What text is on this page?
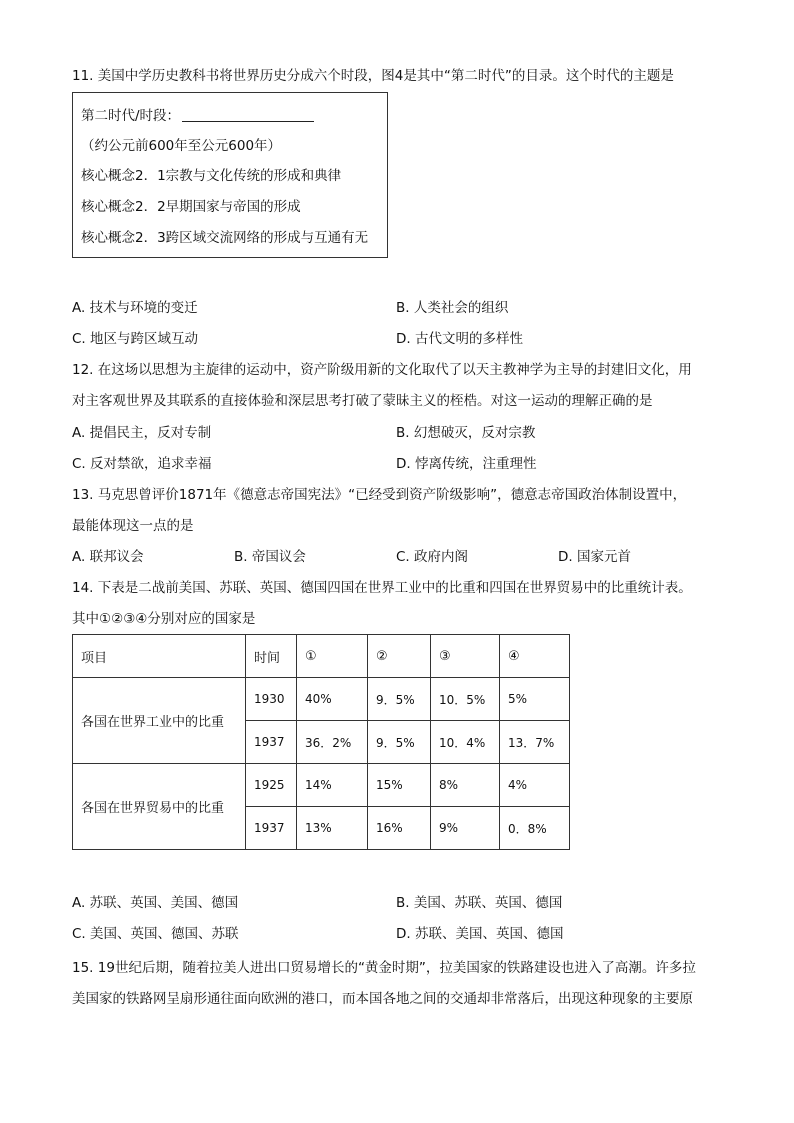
11. 美国中学历史教科书将世界历史分成六个时段，图4是其中“第二时代”的目录。这个时代的主题是
第二时代/时段：
（约公元前600年至公元600年）
核心概念2．1宗教与文化传统的形成和典律
核心概念2．2早期国家与帝国的形成
核心概念2．3跨区域交流网络的形成与互通有无
A. 技术与环境的变迁	B. 人类社会的组织
C. 地区与跨区域互动	D. 古代文明的多样性
12. 在这场以思想为主旋律的运动中，资产阶级用新的文化取代了以天主教神学为主导的封建旧文化，用
对主客观世界及其联系的直接体验和深层思考打破了蒙昧主义的桎梏。对这一运动的理解正确的是
A. 提倡民主，反对专制	B. 幻想破灭，反对宗教
C. 反对禁欲，追求幸福	D. 悖离传统，注重理性
13. 马克思曾评价1871年《德意志帝国宪法》“已经受到资产阶级影响”，德意志帝国政治体制设置中，
最能体现这一点的是
A. 联邦议会	B. 帝国议会	C. 政府内阁	D. 国家元首
14. 下表是二战前美国、苏联、英国、德国四国在世界工业中的比重和四国在世界贸易中的比重统计表。
其中①②③④分别对应的国家是
项目	时间	①	②	③	④
各国在世界工业中的比重	1930	40%	9．5%	10．5%	5%
	1937	36．2%	9．5%	10．4%	13．7%
各国在世界贸易中的比重	1925	14%	15%	8%	4%
	1937	13%	16%	9%	0．8%
A. 苏联、英国、美国、德国	B. 美国、苏联、英国、德国
C. 美国、英国、德国、苏联	D. 苏联、美国、英国、德国
15. 19世纪后期，随着拉美人进出口贸易增长的“黄金时期”，拉美国家的铁路建设也进入了高潮。许多拉
美国家的铁路网呈扇形通往面向欧洲的港口，而本国各地之间的交通却非常落后，出现这种现象的主要原
